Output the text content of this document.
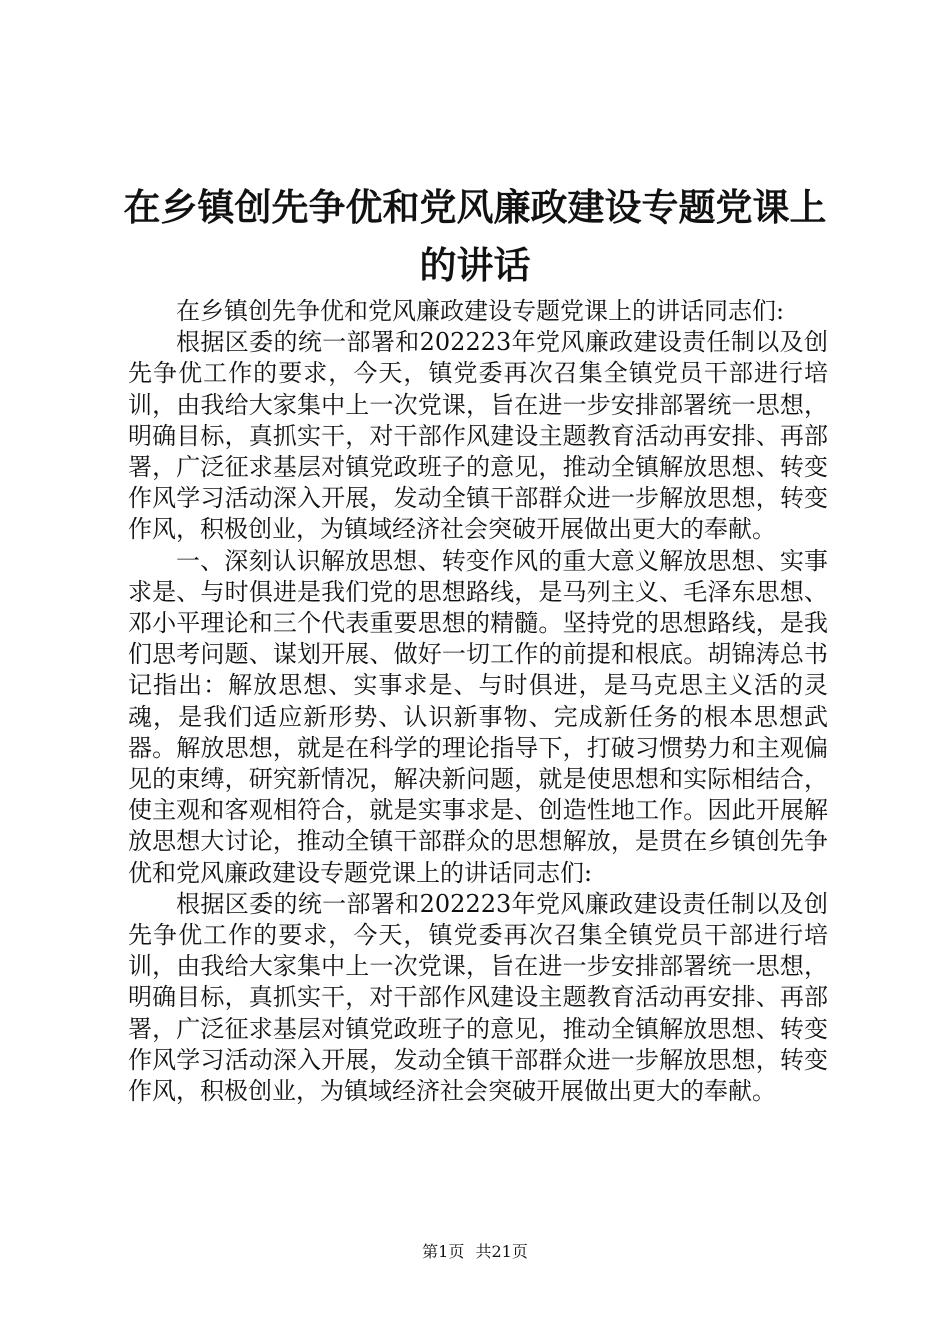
在乡镇创先争优和党风廉政建设专题党课上的讲话

在乡镇创先争优和党风廉政建设专题党课上的讲话同志们:

根据区委的统一部署和202223年党风廉政建设责任制以及创先争优工作的要求，今天，镇党委再次召集全镇党员干部进行培训，由我给大家集中上一次党课，旨在进一步安排部署统一思想，明确目标，真抓实干，对干部作风建设主题教育活动再安排、再部署，广泛征求基层对镇党政班子的意见，推动全镇解放思想、转变作风学习活动深入开展，发动全镇干部群众进一步解放思想，转变作风，积极创业，为镇域经济社会突破开展做出更大的奉献。

一、深刻认识解放思想、转变作风的重大意义解放思想、实事求是、与时俱进是我们党的思想路线，是马列主义、毛泽东思想、邓小平理论和三个代表重要思想的精髓。坚持党的思想路线，是我们思考问题、谋划开展、做好一切工作的前提和根底。胡锦涛总书记指出：解放思想、实事求是、与时俱进，是马克思主义活的灵魂，是我们适应新形势、认识新事物、完成新任务的根本思想武器。解放思想，就是在科学的理论指导下，打破习惯势力和主观偏见的束缚，研究新情况，解决新问题，就是使思想和实际相结合，使主观和客观相符合，就是实事求是、创造性地工作。因此开展解放思想大讨论，推动全镇干部群众的思想解放，是贯在乡镇创先争优和党风廉政建设专题党课上的讲话同志们:

根据区委的统一部署和202223年党风廉政建设责任制以及创先争优工作的要求，今天，镇党委再次召集全镇党员干部进行培训，由我给大家集中上一次党课，旨在进一步安排部署统一思想，明确目标，真抓实干，对干部作风建设主题教育活动再安排、再部署，广泛征求基层对镇党政班子的意见，推动全镇解放思想、转变作风学习活动深入开展，发动全镇干部群众进一步解放思想，转变作风，积极创业，为镇域经济社会突破开展做出更大的奉献。

第1页 共21页
